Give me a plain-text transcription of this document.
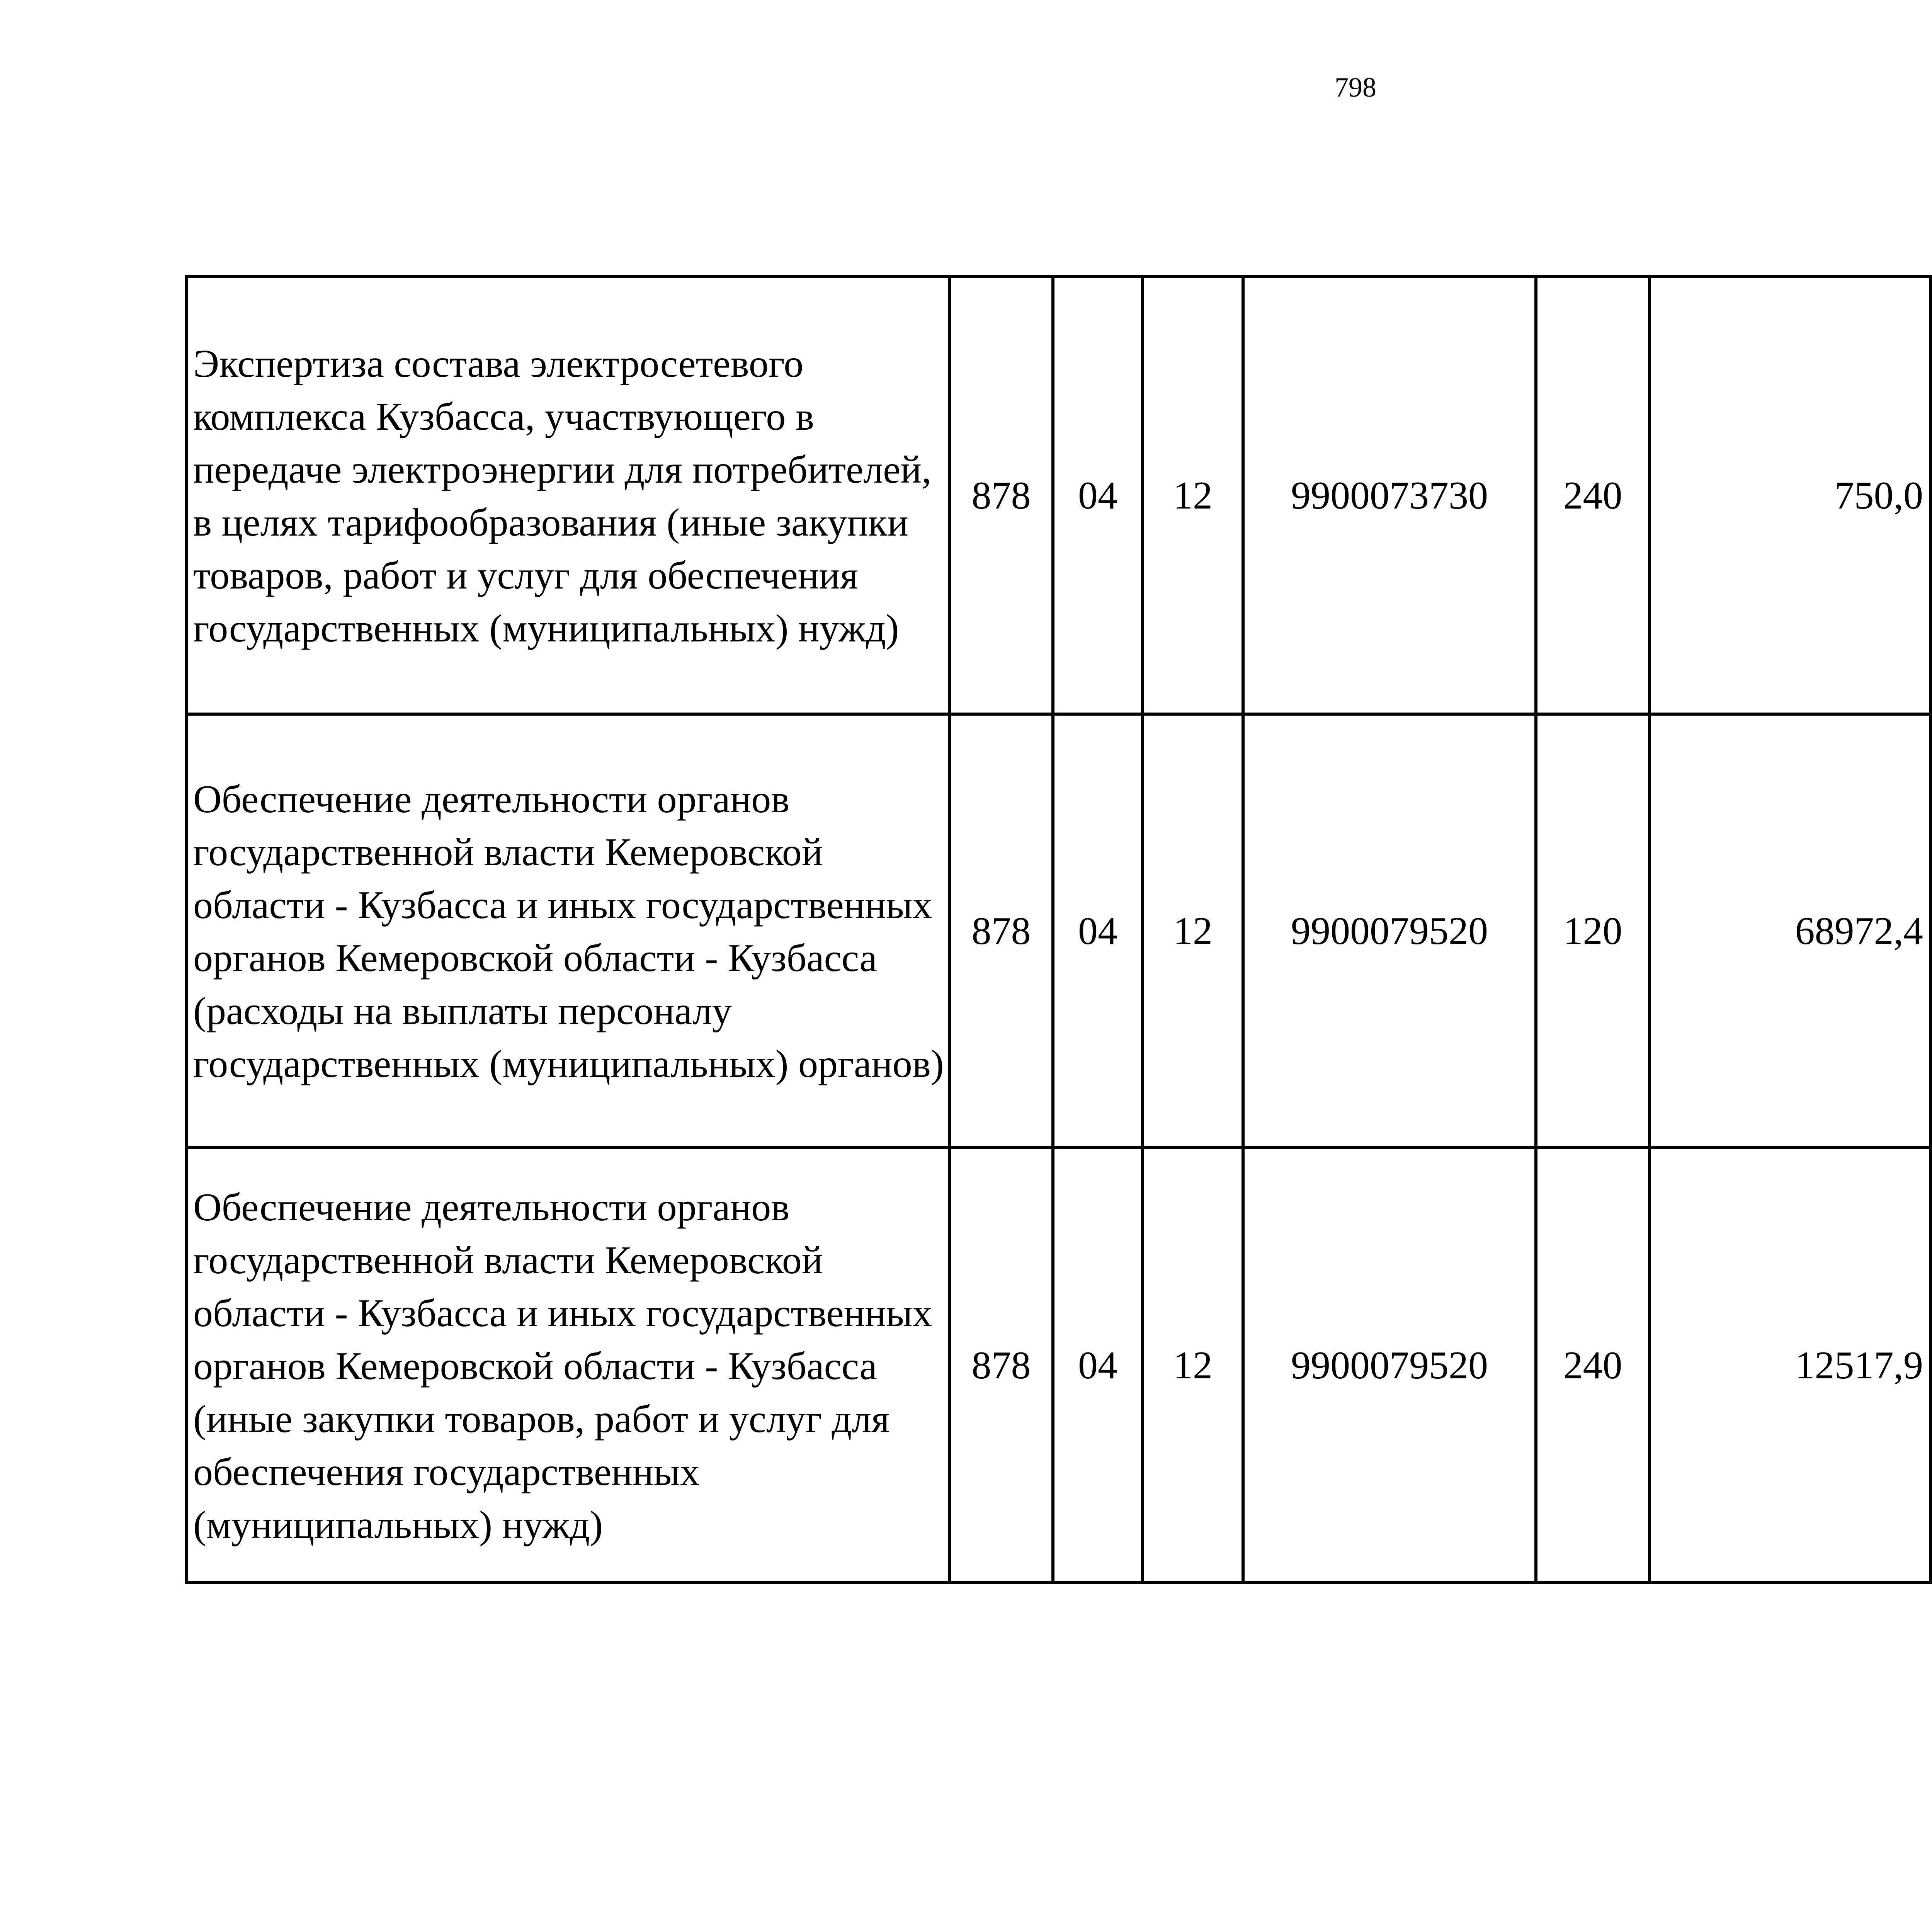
798
Экспертиза состава электросетевого комплекса Кузбасса, участвующего в передаче электроэнергии для потребителей, в целях тарифообразования (иные закупки товаров, работ и услуг для обеспечения государственных (муниципальных) нужд)	878	04	12	9900073730	240	750,0		
Обеспечение деятельности органов государственной власти Кемеровской области - Кузбасса и иных государственных органов Кемеровской области - Кузбасса (расходы на выплаты персоналу государственных (муниципальных) органов)	878	04	12	9900079520	120	68972,4		
Обеспечение деятельности органов государственной власти Кемеровской области - Кузбасса и иных государственных органов Кемеровской области - Кузбасса (иные закупки товаров, работ и услуг для обеспечения государственных (муниципальных) нужд)	878	04	12	9900079520	240	12517,9		
